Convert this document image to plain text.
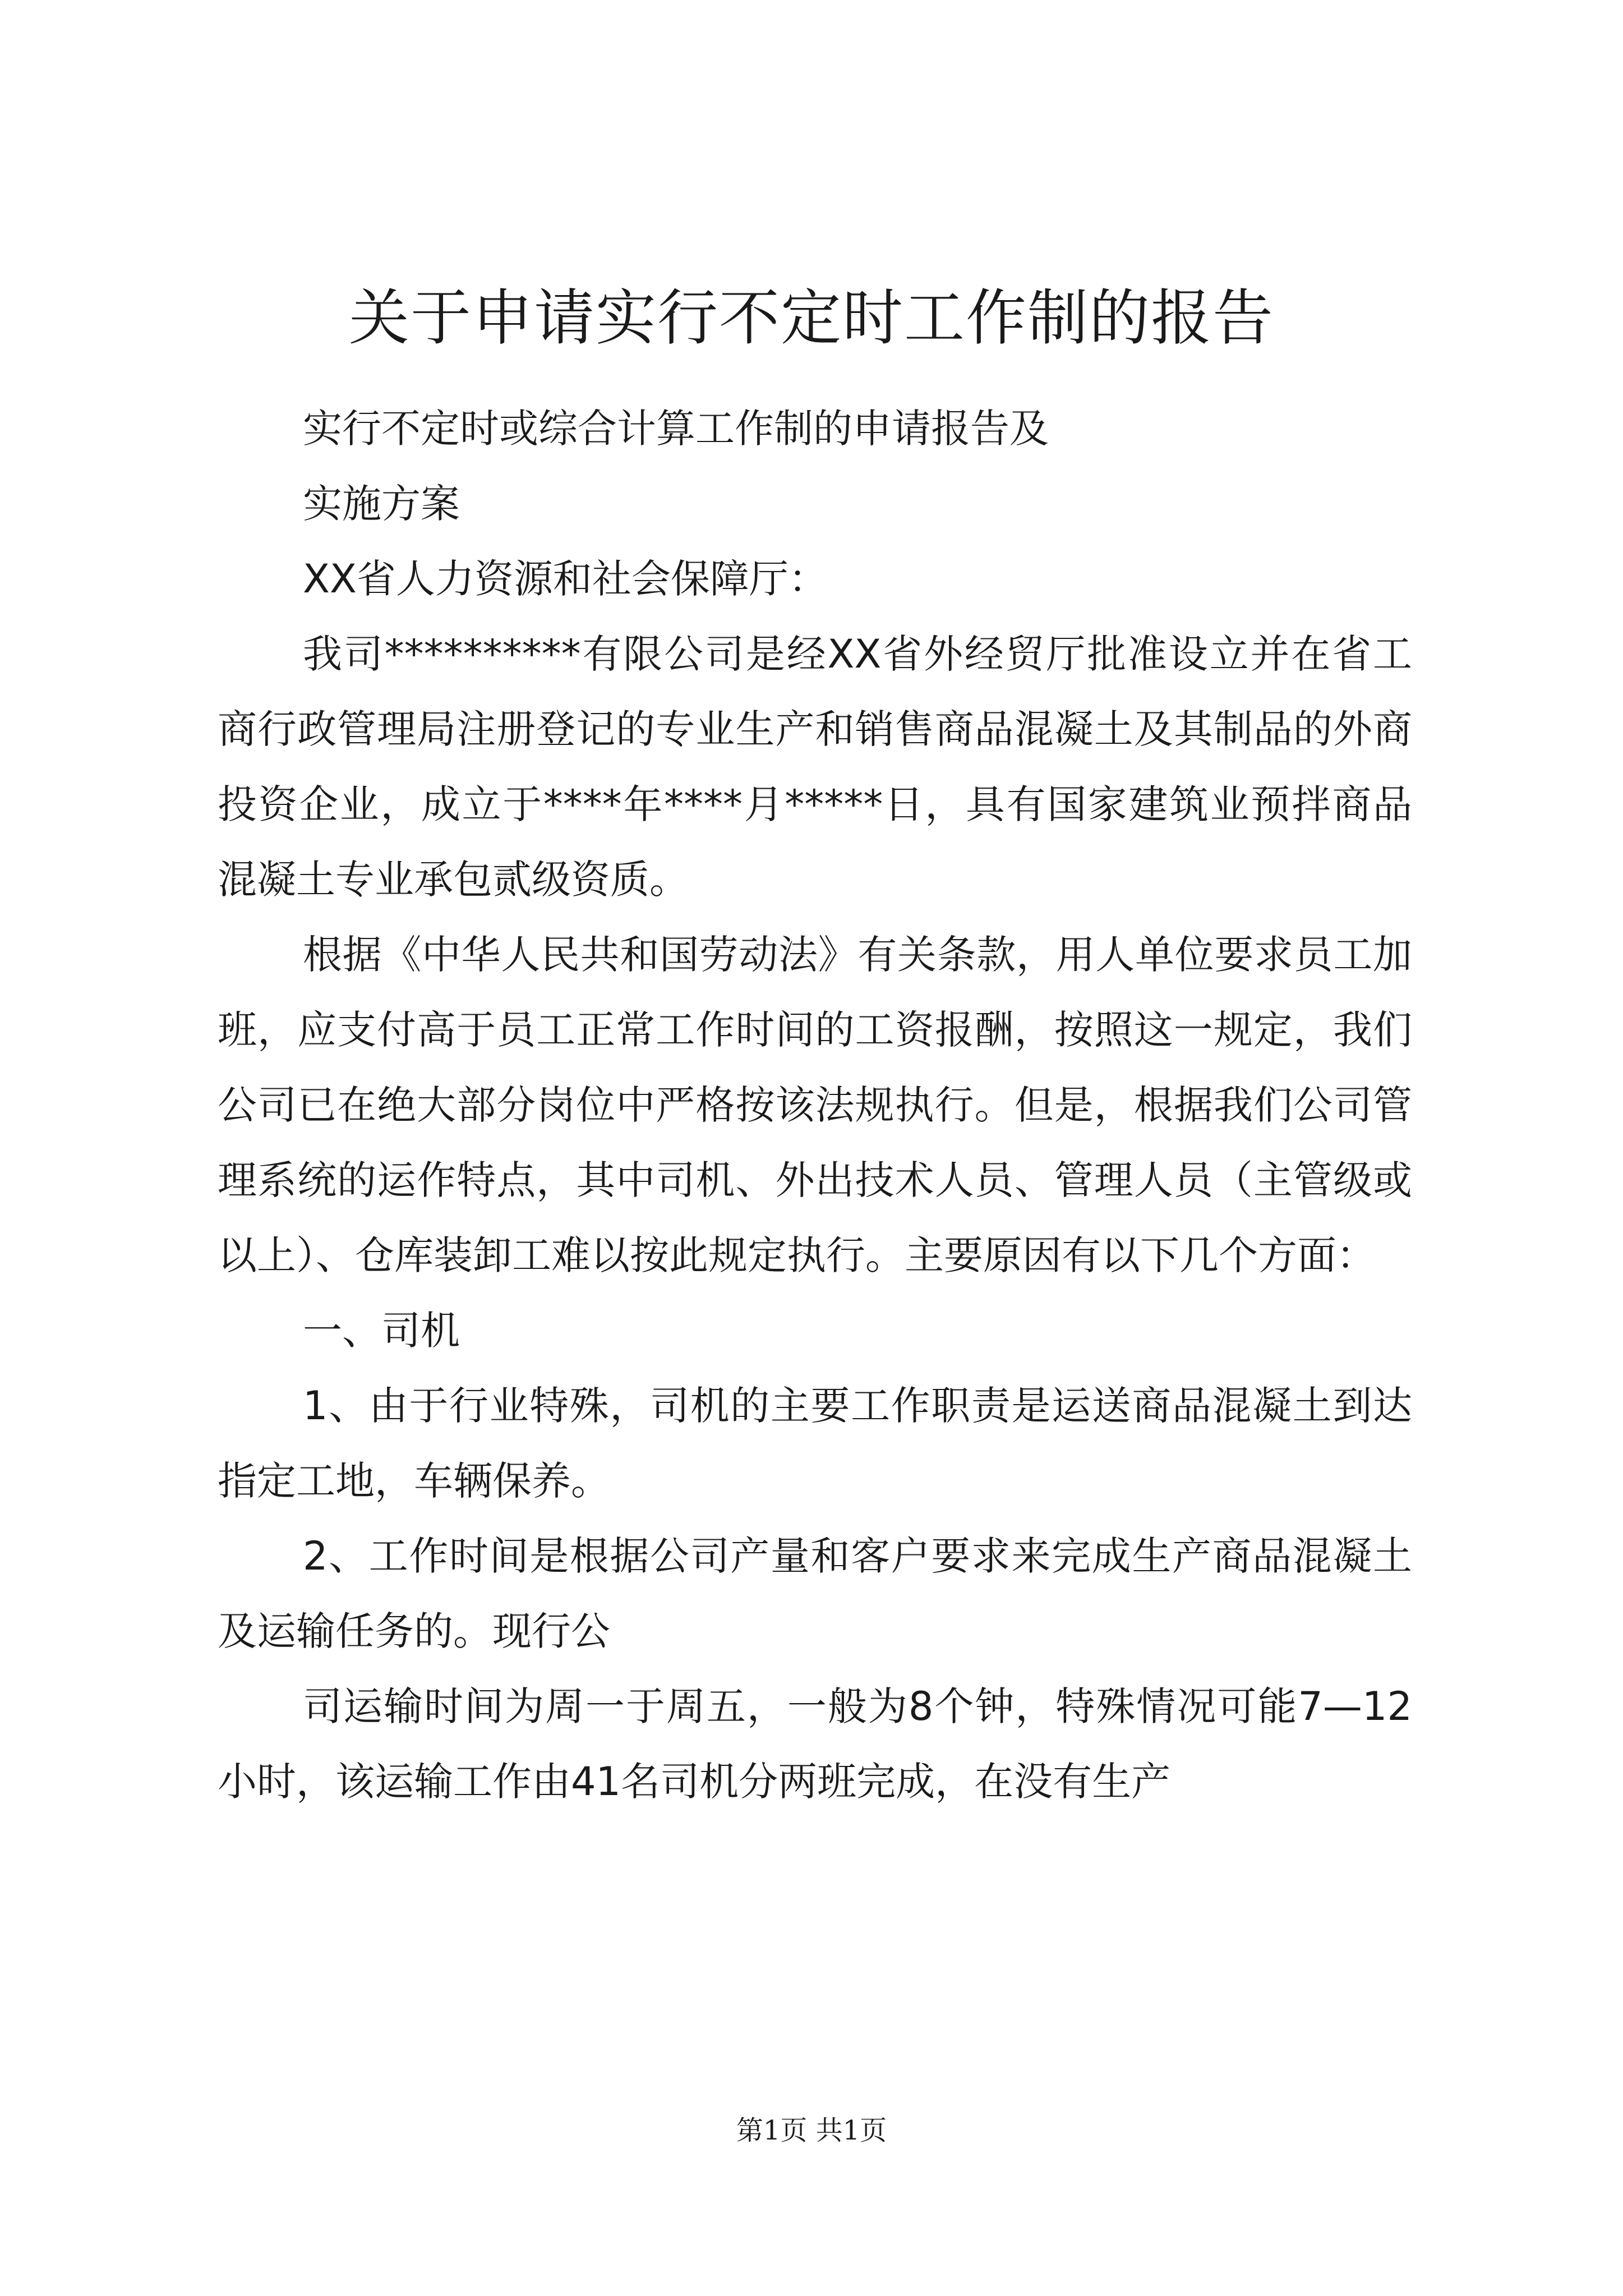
关于申请实行不定时工作制的报告

实行不定时或综合计算工作制的申请报告及

实施方案

XX省人力资源和社会保障厅：

我司**********有限公司是经XX省外经贸厅批准设立并在省工商行政管理局注册登记的专业生产和销售商品混凝土及其制品的外商投资企业，成立于****年****月*****日，具有国家建筑业预拌商品混凝土专业承包贰级资质。

根据《中华人民共和国劳动法》有关条款，用人单位要求员工加班，应支付高于员工正常工作时间的工资报酬，按照这一规定，我们公司已在绝大部分岗位中严格按该法规执行。但是，根据我们公司管理系统的运作特点，其中司机、外出技术人员、管理人员（主管级或以上）、仓库装卸工难以按此规定执行。主要原因有以下几个方面：

一、司机

1、由于行业特殊，司机的主要工作职责是运送商品混凝土到达指定工地，车辆保养。

2、工作时间是根据公司产量和客户要求来完成生产商品混凝土及运输任务的。现行公

司运输时间为周一于周五，一般为8个钟，特殊情况可能7—12小时，该运输工作由41名司机分两班完成，在没有生产

第1页 共1页
